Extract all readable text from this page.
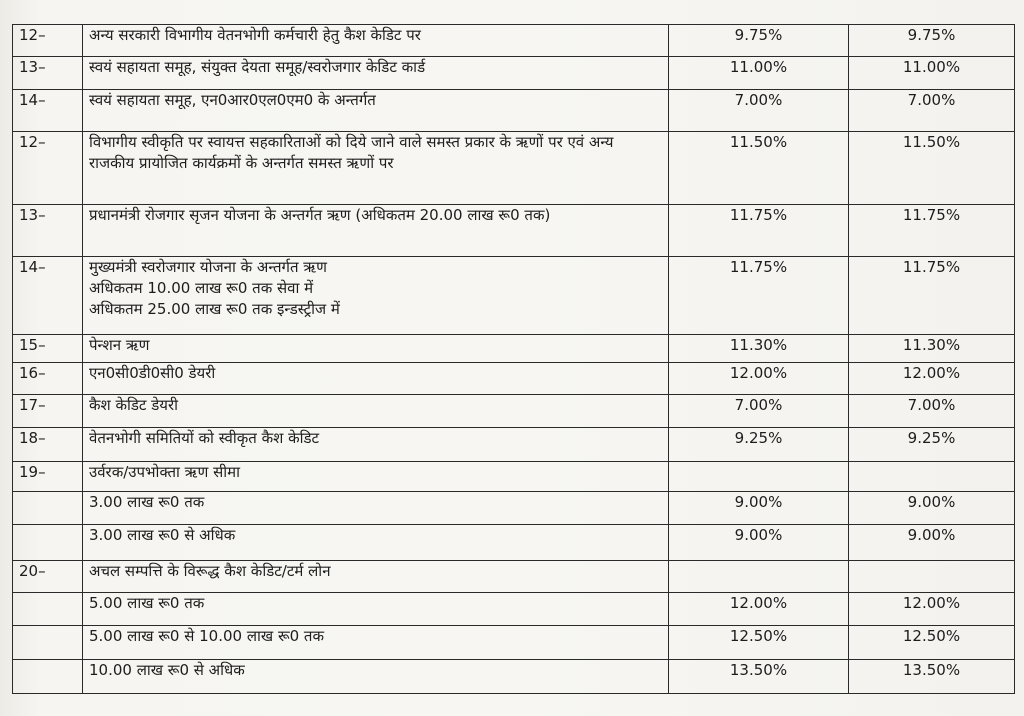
12–	अन्य सरकारी विभागीय वेतनभोगी कर्मचारी हेतु कैश केडिट पर	9.75%	9.75%
13–	स्वयं सहायता समूह, संयुक्त देयता समूह/स्वरोजगार केडिट कार्ड	11.00%	11.00%
14–	स्वयं सहायता समूह, एन0आर0एल0एम0 के अन्तर्गत	7.00%	7.00%
12–	विभागीय स्वीकृति पर स्वायत्त सहकारिताओं को दिये जाने वाले समस्त प्रकार के ऋणों पर एवं अन्य राजकीय प्रायोजित कार्यक्रमों के अन्तर्गत समस्त ऋणों पर	11.50%	11.50%
13–	प्रधानमंत्री रोजगार सृजन योजना के अन्तर्गत ऋण (अधिकतम 20.00 लाख रू0 तक)	11.75%	11.75%
14–	मुख्यमंत्री स्वरोजगार योजना के अन्तर्गत ऋण
अधिकतम 10.00 लाख रू0 तक सेवा में
अधिकतम 25.00 लाख रू0 तक इन्डस्ट्रीज में	11.75%	11.75%
15–	पेन्शन ऋण	11.30%	11.30%
16–	एन0सी0डी0सी0 डेयरी	12.00%	12.00%
17–	कैश केडिट डेयरी	7.00%	7.00%
18–	वेतनभोगी समितियों को स्वीकृत कैश केडिट	9.25%	9.25%
19–	उर्वरक/उपभोक्ता ऋण सीमा		
	3.00 लाख रू0 तक	9.00%	9.00%
	3.00 लाख रू0 से अधिक	9.00%	9.00%
20–	अचल सम्पत्ति के विरूद्ध कैश केडिट/टर्म लोन		
	5.00 लाख रू0 तक	12.00%	12.00%
	5.00 लाख रू0 से 10.00 लाख रू0 तक	12.50%	12.50%
	10.00 लाख रू0 से अधिक	13.50%	13.50%
